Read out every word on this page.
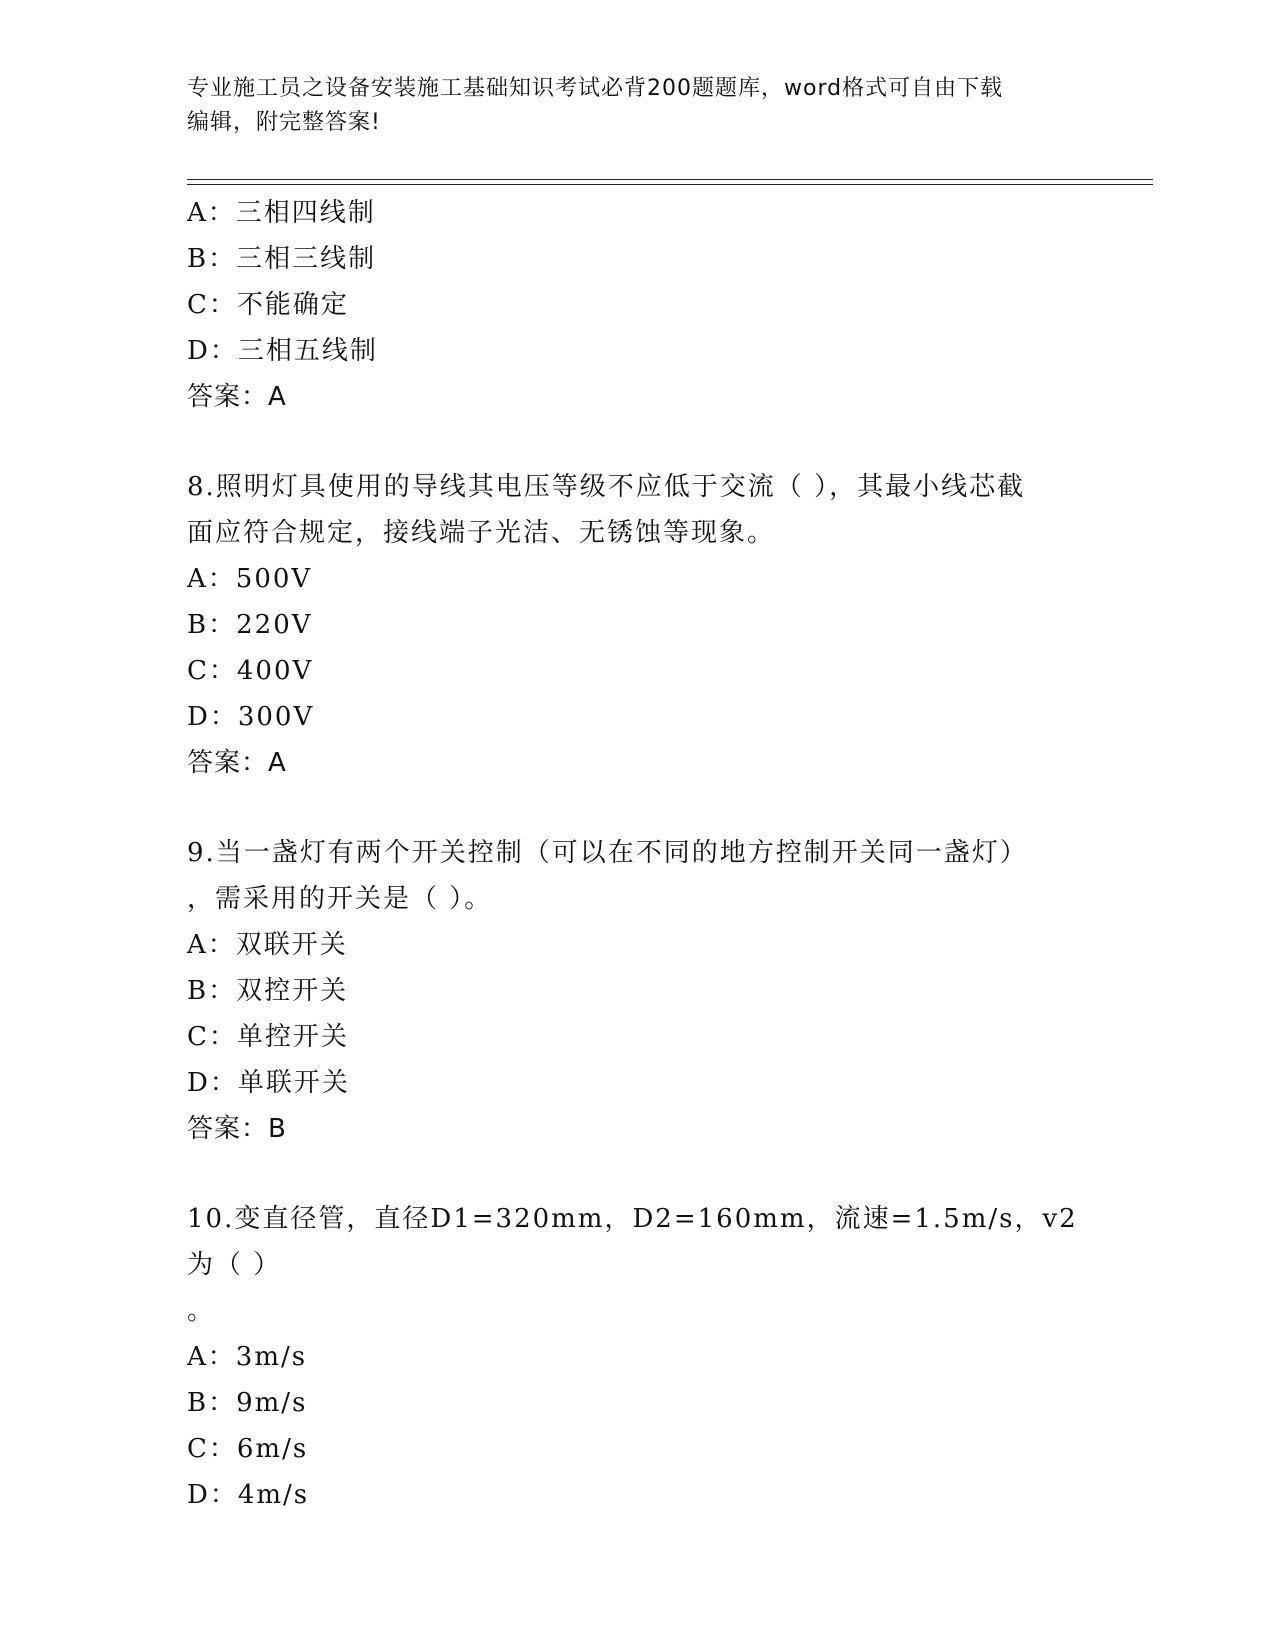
专业施工员之设备安装施工基础知识考试必背200题题库，word格式可自由下载
编辑，附完整答案!
A：三相四线制
B：三相三线制
C：不能确定
D：三相五线制
答案：A
8.照明灯具使用的导线其电压等级不应低于交流（ ），其最小线芯截
面应符合规定，接线端子光洁、无锈蚀等现象。
A：500V
B：220V
C：400V
D：300V
答案：A
9.当一盏灯有两个开关控制（可以在不同的地方控制开关同一盏灯）
，需采用的开关是（ ）。
A：双联开关
B：双控开关
C：单控开关
D：单联开关
答案：B
10.变直径管，直径D1=320mm，D2=160mm，流速=1.5m/s，v2为（ ）
。
A：3m/s
B：9m/s
C：6m/s
D：4m/s
